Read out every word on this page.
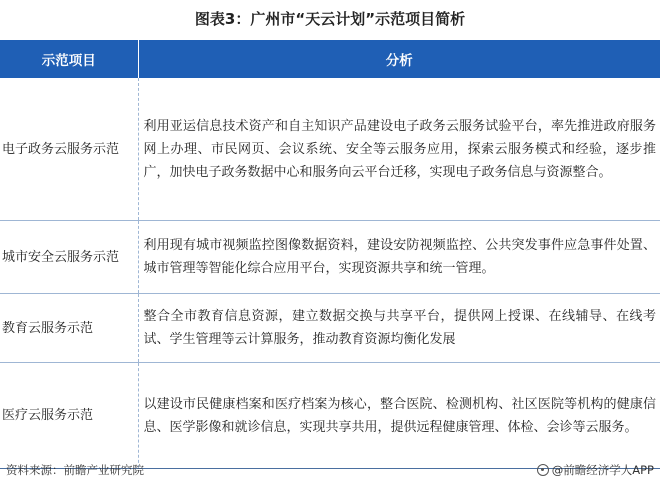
图表3：广州市“天云计划”示范项目简析
示范项目	分析
电子政务云服务示范	利用亚运信息技术资产和自主知识产品建设电子政务云服务试验平台，率先推进政府服务网上办理、市民网页、会议系统、安全等云服务应用，探索云服务模式和经验，逐步推广，加快电子政务数据中心和服务向云平台迁移，实现电子政务信息与资源整合。
城市安全云服务示范	利用现有城市视频监控图像数据资料，建设安防视频监控、公共突发事件应急事件处置、城市管理等智能化综合应用平台，实现资源共享和统一管理。
教育云服务示范	整合全市教育信息资源，建立数据交换与共享平台，提供网上授课、在线辅导、在线考试、学生管理等云计算服务，推动教育资源均衡化发展
医疗云服务示范	以建设市民健康档案和医疗档案为核心，整合医院、检测机构、社区医院等机构的健康信息、医学影像和就诊信息，实现共享共用，提供远程健康管理、体检、会诊等云服务。
资料来源：前瞻产业研究院	@前瞻经济学人APP
